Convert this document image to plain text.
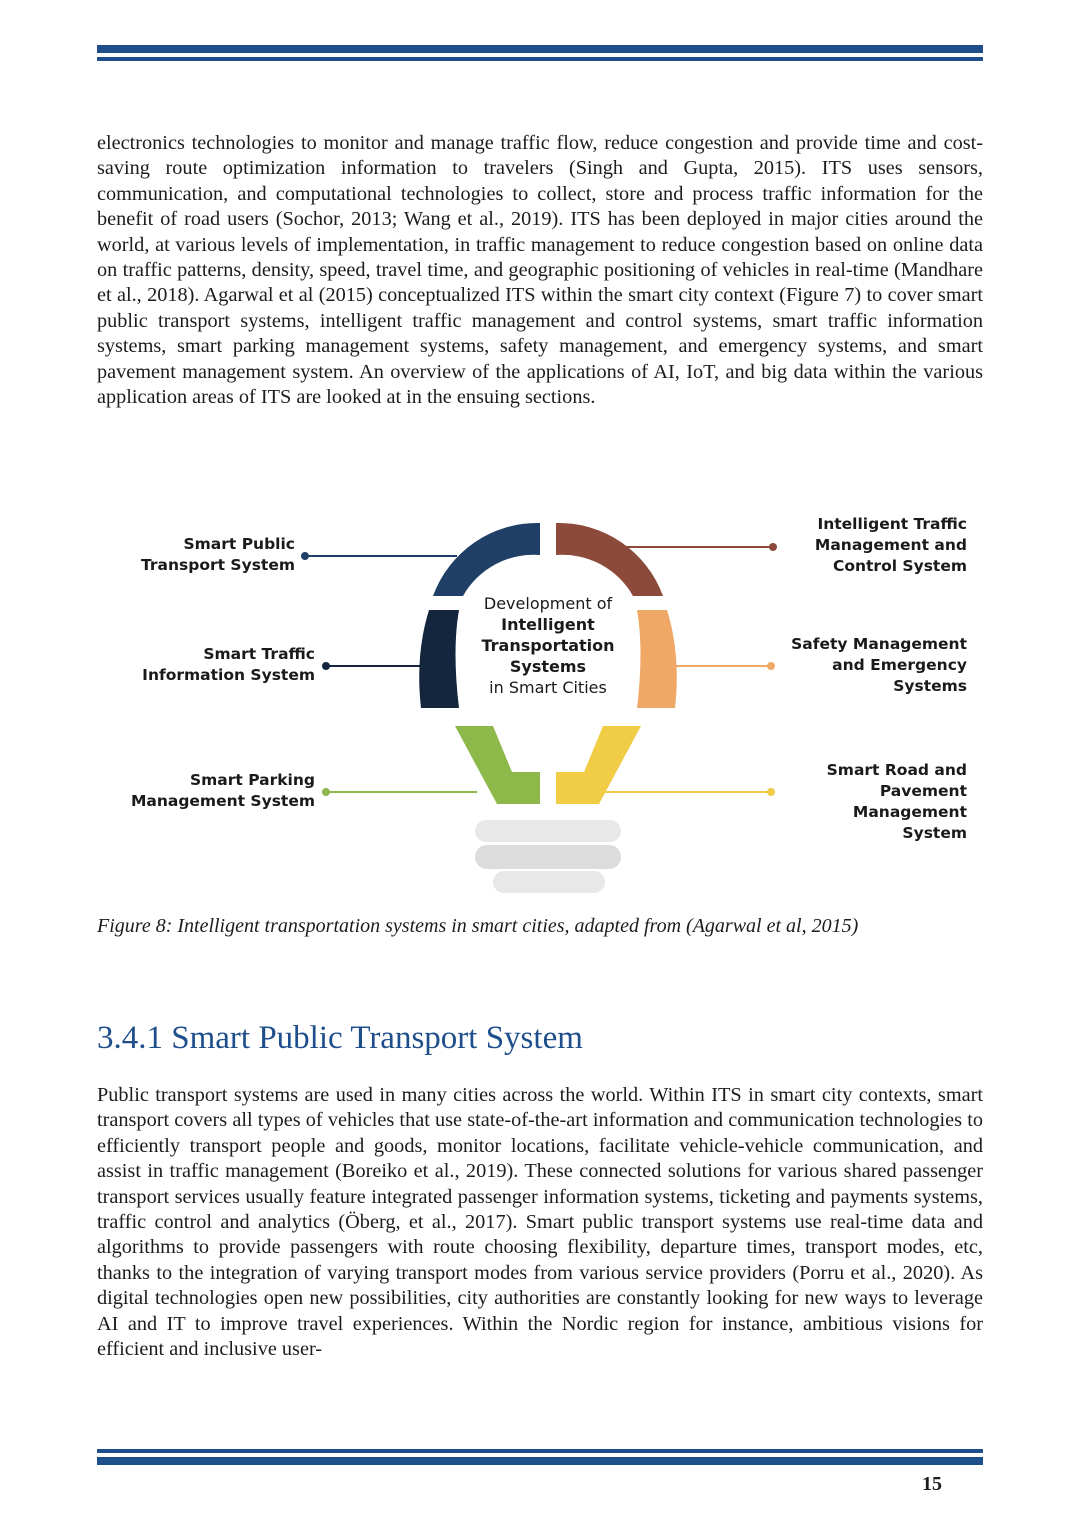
electronics technologies to monitor and manage traffic flow, reduce congestion and provide time and cost-saving route optimization information to travelers (Singh and Gupta, 2015). ITS uses sensors, communication, and computational technologies to collect, store and process traffic information for the benefit of road users (Sochor, 2013; Wang et al., 2019). ITS has been deployed in major cities around the world, at various levels of implementation, in traffic management to reduce congestion based on online data on traffic patterns, density, speed, travel time, and geographic positioning of vehicles in real-time (Mandhare et al., 2018). Agarwal et al (2015) conceptualized ITS within the smart city context (Figure 7) to cover smart public transport systems, intelligent traffic management and control systems, smart traffic information systems, smart parking management systems, safety management, and emergency systems, and smart pavement management system. An overview of the applications of AI, IoT, and big data within the various application areas of ITS are looked at in the ensuing sections.

Development of
Intelligent
Transportation
Systems
in Smart Cities
Smart Public
Transport System
Smart Traffic
Information System
Smart Parking
Management System
Intelligent Traffic
Management and
Control System
Safety Management
and Emergency
Systems
Smart Road and
Pavement
Management System

Figure 8: Intelligent transportation systems in smart cities, adapted from (Agarwal et al, 2015)

3.4.1 Smart Public Transport System

Public transport systems are used in many cities across the world. Within ITS in smart city contexts, smart transport covers all types of vehicles that use state-of-the-art information and communication technologies to efficiently transport people and goods, monitor locations, facilitate vehicle-vehicle communication, and assist in traffic management (Boreiko et al., 2019). These connected solutions for various shared passenger transport services usually feature integrated passenger information systems, ticketing and payments systems, traffic control and analytics (Öberg, et al., 2017). Smart public transport systems use real-time data and algorithms to provide passengers with route choosing flexibility, departure times, transport modes, etc, thanks to the integration of varying transport modes from various service providers (Porru et al., 2020). As digital technologies open new possibilities, city authorities are constantly looking for new ways to leverage AI and IT to improve travel experiences. Within the Nordic region for instance, ambitious visions for efficient and inclusive user-

15
